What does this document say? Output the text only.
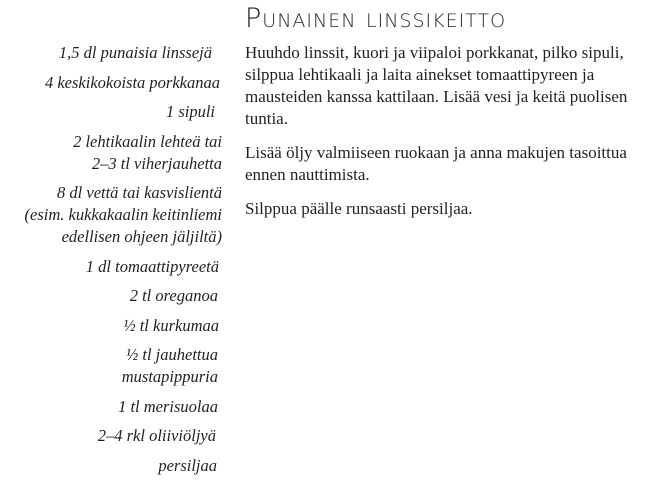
Punainen linssikeitto
1,5 dl punaisia linssejä
4 keskikokoista porkkanaa
1 sipuli
2 lehtikaalin lehteä tai 2–3 tl viherjauhetta
8 dl vettä tai kasvislientä (esim. kukkakaalin keitinliemi edellisen ohjeen jäljiltä)
1 dl tomaattipyreetä
2 tl oreganoa
½ tl kurkumaa
½ tl jauhettua mustapippuria
1 tl merisuolaa
2–4 rkl oliiviöljyä
persiljaa

Huuhdo linssit, kuori ja viipaloi porkkanat, pilko sipuli, silppua lehtikaali ja laita ainekset tomaattipyreen ja mausteiden kanssa kattilaan. Lisää vesi ja keitä puolisen tuntia.

Lisää öljy valmiiseen ruokaan ja anna makujen tasoittua ennen nauttimista.

Silppua päälle runsaasti persiljaa.
